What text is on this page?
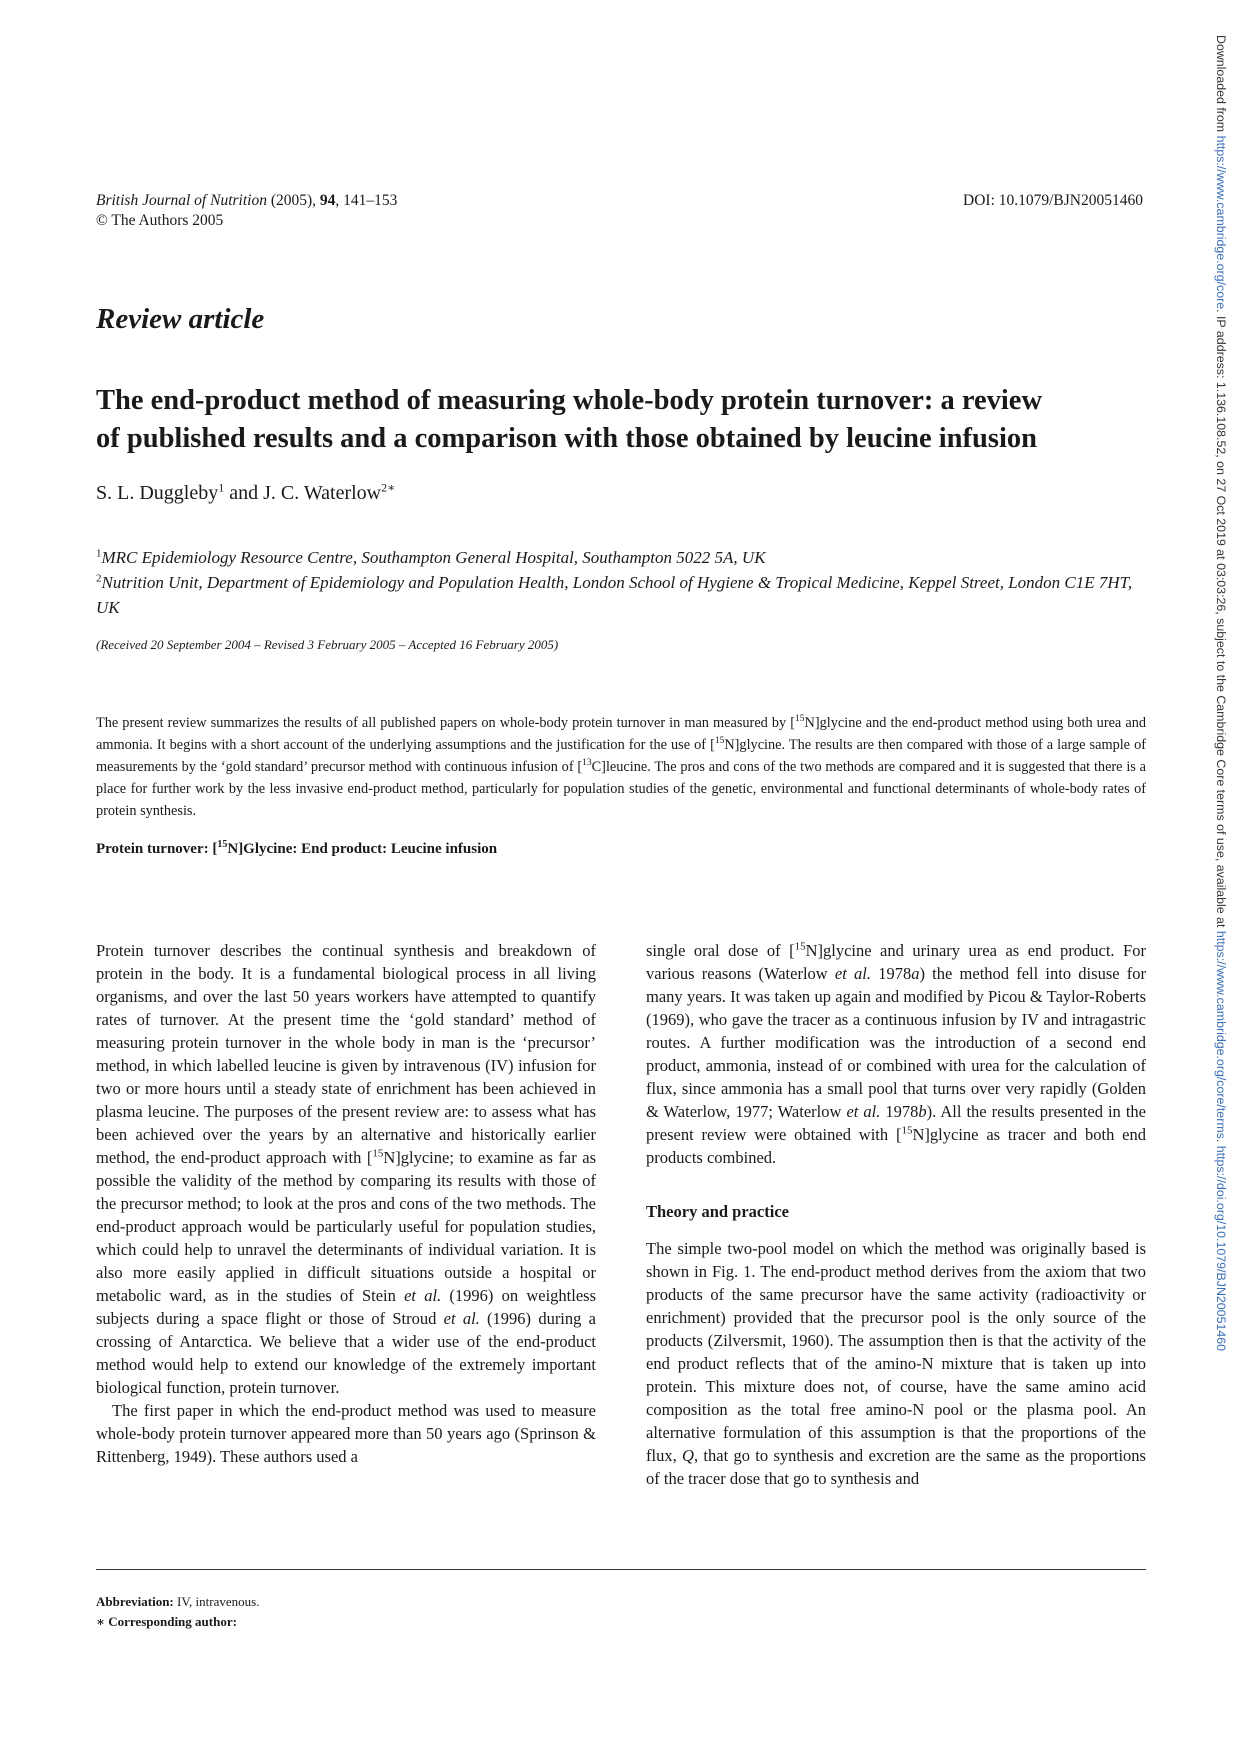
British Journal of Nutrition (2005), 94, 141–153
© The Authors 2005
DOI: 10.1079/BJN20051460
Review article
The end-product method of measuring whole-body protein turnover: a review
of published results and a comparison with those obtained by leucine infusion
S. L. Duggleby$^1$ and J. C. Waterlow$^{2∗}$
$^1$MRC Epidemiology Resource Centre, Southampton General Hospital, Southampton 5022 5A, UK
$^2$Nutrition Unit, Department of Epidemiology and Population Health, London School of Hygiene & Tropical Medicine, Keppel Street, London C1E 7HT, UK
(Received 20 September 2004 – Revised 3 February 2005 – Accepted 16 February 2005)
The present review summarizes the results of all published papers on whole-body protein turnover in man measured by [$^{15}$N]glycine and the end-product method using both urea and ammonia. It begins with a short account of the underlying assumptions and the justification for the use of [$^{15}$N]glycine. The results are then compared with those of a large sample of measurements by the ‘gold standard’ precursor method with continuous infusion of [$^{13}$C]leucine. The pros and cons of the two methods are compared and it is suggested that there is a place for further work by the less invasive end-product method, particularly for population studies of the genetic, environmental and functional determinants of whole-body rates of protein synthesis.
Protein turnover: [$^{15}$N]Glycine: End product: Leucine infusion

Protein turnover describes the continual synthesis and breakdown of protein in the body. It is a fundamental biological process in all living organisms, and over the last 50 years workers have attempted to quantify rates of turnover. At the present time the ‘gold standard’ method of measuring protein turnover in the whole body in man is the ‘precursor’ method, in which labelled leucine is given by intravenous (IV) infusion for two or more hours until a steady state of enrichment has been achieved in plasma leucine. The purposes of the present review are: to assess what has been achieved over the years by an alternative and historically earlier method, the end-product approach with [$^{15}$N]glycine; to examine as far as possible the validity of the method by comparing its results with those of the precursor method; to look at the pros and cons of the two methods. The end-product approach would be particularly useful for population studies, which could help to unravel the determinants of individual variation. It is also more easily applied in difficult situations outside a hospital or metabolic ward, as in the studies of Stein et al. (1996) on weightless subjects during a space flight or those of Stroud et al. (1996) during a crossing of Antarctica. We believe that a wider use of the end-product method would help to extend our knowledge of the extremely important biological function, protein turnover.

The first paper in which the end-product method was used to measure whole-body protein turnover appeared more than 50 years ago (Sprinson & Rittenberg, 1949). These authors used a

single oral dose of [$^{15}$N]glycine and urinary urea as end product. For various reasons (Waterlow et al. 1978a) the method fell into disuse for many years. It was taken up again and modified by Picou & Taylor-Roberts (1969), who gave the tracer as a continuous infusion by IV and intragastric routes. A further modification was the introduction of a second end product, ammonia, instead of or combined with urea for the calculation of flux, since ammonia has a small pool that turns over very rapidly (Golden & Waterlow, 1977; Waterlow et al. 1978b). All the results presented in the present review were obtained with [$^{15}$N]glycine as tracer and both end products combined.

Theory and practice

The simple two-pool model on which the method was originally based is shown in Fig. 1. The end-product method derives from the axiom that two products of the same precursor have the same activity (radioactivity or enrichment) provided that the precursor pool is the only source of the products (Zilversmit, 1960). The assumption then is that the activity of the end product reflects that of the amino-N mixture that is taken up into protein. This mixture does not, of course, have the same amino acid composition as the total free amino-N pool or the plasma pool. An alternative formulation of this assumption is that the proportions of the flux, Q, that go to synthesis and excretion are the same as the proportions of the tracer dose that go to synthesis and

Abbreviation: IV, intravenous.
∗ Corresponding author:
Downloaded from https://www.cambridge.org/core. IP address: 1.136.108.52, on 27 Oct 2019 at 03:03:26, subject to the Cambridge Core terms of use, available at https://www.cambridge.org/core/terms. https://doi.org/10.1079/BJN20051460
